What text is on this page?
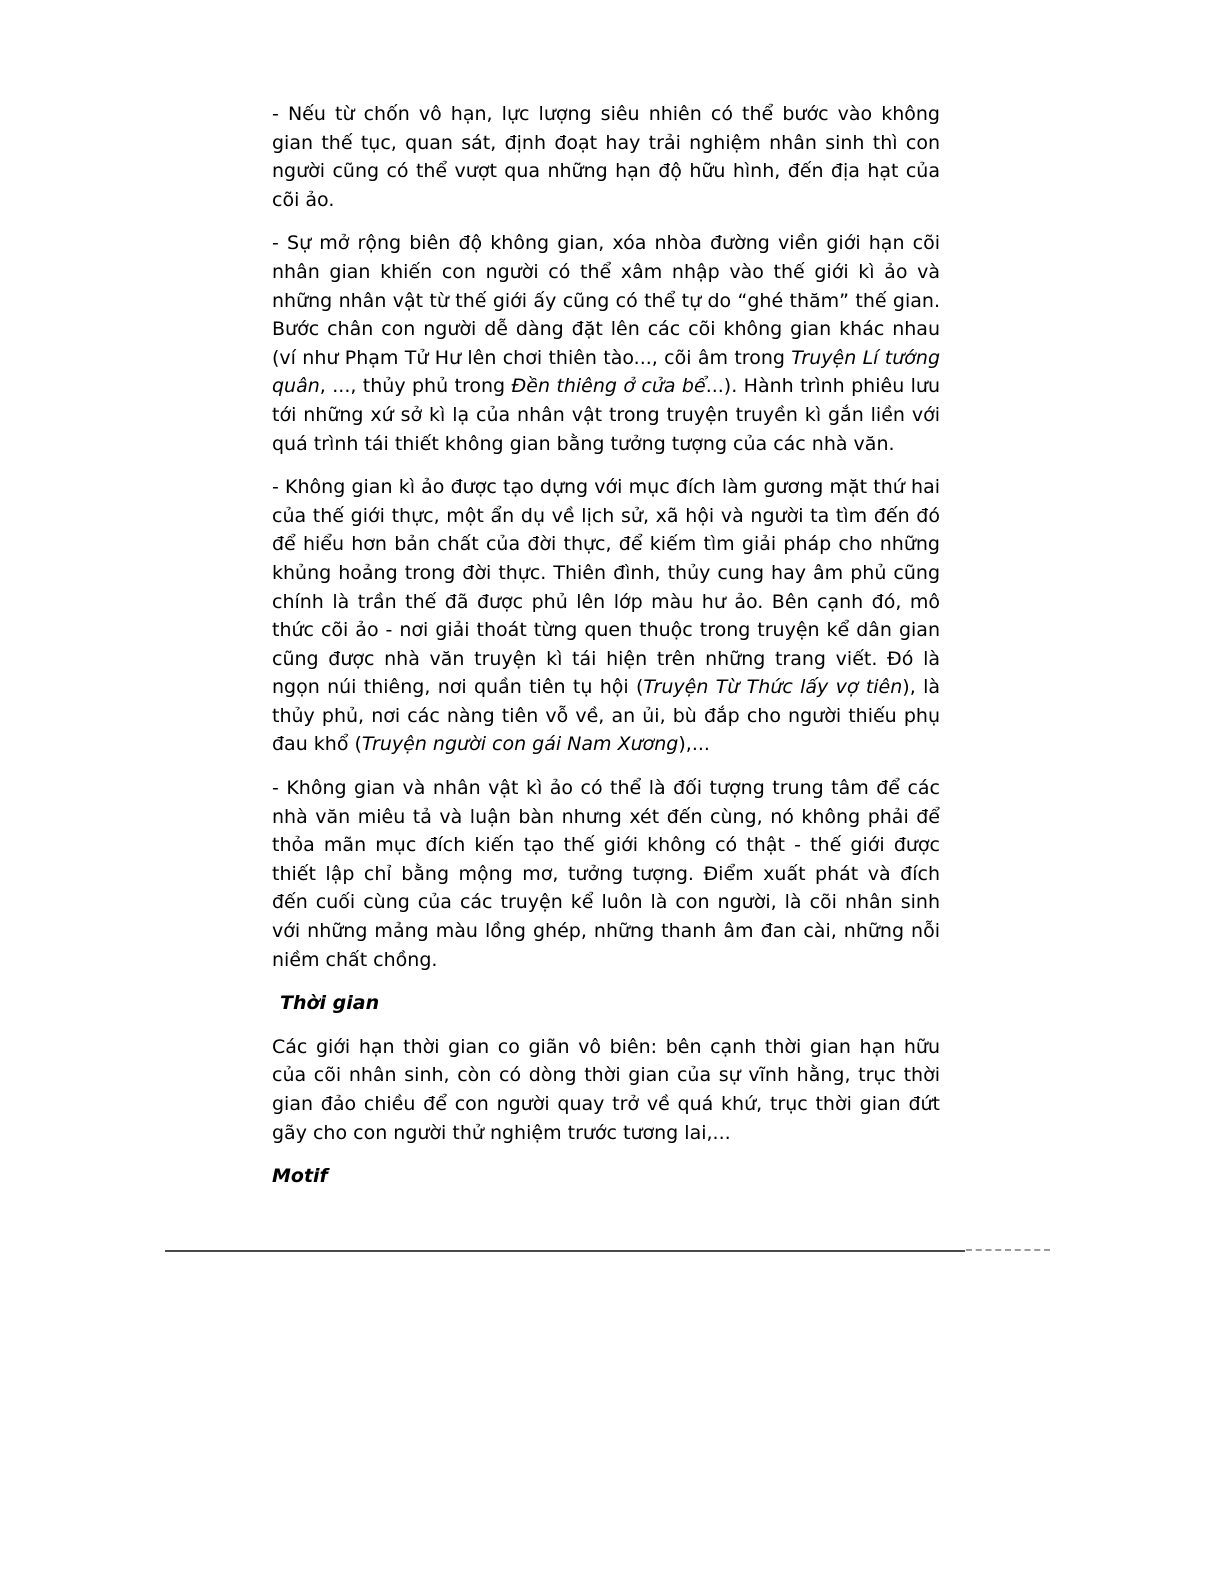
- Nếu từ chốn vô hạn, lực lượng siêu nhiên có thể bước vào không gian thế tục, quan sát, định đoạt hay trải nghiệm nhân sinh thì con người cũng có thể vượt qua những hạn độ hữu hình, đến địa hạt của cõi ảo.

- Sự mở rộng biên độ không gian, xóa nhòa đường viền giới hạn cõi nhân gian khiến con người có thể xâm nhập vào thế giới kì ảo và những nhân vật từ thế giới ấy cũng có thể tự do “ghé thăm” thế gian. Bước chân con người dễ dàng đặt lên các cõi không gian khác nhau (ví như Phạm Tử Hư lên chơi thiên tào..., cõi âm trong Truyện Lí tướng quân, ..., thủy phủ trong Đền thiêng ở cửa bể...). Hành trình phiêu lưu tới những xứ sở kì lạ của nhân vật trong truyện truyền kì gắn liền với quá trình tái thiết không gian bằng tưởng tượng của các nhà văn.

- Không gian kì ảo được tạo dựng với mục đích làm gương mặt thứ hai của thế giới thực, một ẩn dụ về lịch sử, xã hội và người ta tìm đến đó để hiểu hơn bản chất của đời thực, để kiếm tìm giải pháp cho những khủng hoảng trong đời thực. Thiên đình, thủy cung hay âm phủ cũng chính là trần thế đã được phủ lên lớp màu hư ảo. Bên cạnh đó, mô thức cõi ảo - nơi giải thoát từng quen thuộc trong truyện kể dân gian cũng được nhà văn truyện kì tái hiện trên những trang viết. Đó là ngọn núi thiêng, nơi quần tiên tụ hội (Truyện Từ Thức lấy vợ tiên), là thủy phủ, nơi các nàng tiên vỗ về, an ủi, bù đắp cho người thiếu phụ đau khổ (Truyện người con gái Nam Xương),...

- Không gian và nhân vật kì ảo có thể là đối tượng trung tâm để các nhà văn miêu tả và luận bàn nhưng xét đến cùng, nó không phải để thỏa mãn mục đích kiến tạo thế giới không có thật - thế giới được thiết lập chỉ bằng mộng mơ, tưởng tượng. Điểm xuất phát và đích đến cuối cùng của các truyện kể luôn là con người, là cõi nhân sinh với những mảng màu lồng ghép, những thanh âm đan cài, những nỗi niềm chất chồng.

Thời gian

Các giới hạn thời gian co giãn vô biên: bên cạnh thời gian hạn hữu của cõi nhân sinh, còn có dòng thời gian của sự vĩnh hằng, trục thời gian đảo chiều để con người quay trở về quá khứ, trục thời gian đứt gãy cho con người thử nghiệm trước tương lai,...

Motif
